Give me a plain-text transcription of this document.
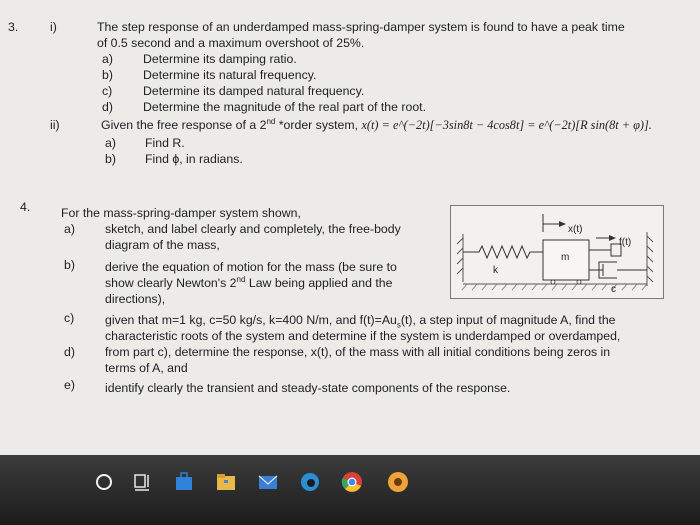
3.	i)	The step response of an underdamped mass-spring-damper system is found to have a peak time
of 0.5 second and a maximum overshoot of 25%.
a) Determine its damping ratio.
b) Determine its natural frequency.
c)	Determine its damped natural frequency.
d) Determine the magnitude of the real part of the root.
ii)	Given the free response of a 2nd *order system, x(t) = e^(−2t)[−3sin8t − 4cos8t] = e^(−2t)[R sin(8t + φ)].
a) Find R.
b) Find ϕ, in radians.
4. For the mass-spring-damper system shown,
a) sketch, and label clearly and completely, the free-body
diagram of the mass,
b) derive the equation of motion for the mass (be sure to
show clearly Newton's 2nd Law being applied and the
directions),
c)	given that m=1 kg, c=50 kg/s, k=400 N/m, and $f(t)=Au_s(t)$, a step input of magnitude A, find the
characteristic roots of the system and determine if the system is underdamped or overdamped,
d) from part c), determine the response, x(t), of the mass with all initial conditions being zeros in
terms of A, and
e) identify clearly the transient and steady-state components of the response.
x(t)
f(t)
m
k
c
